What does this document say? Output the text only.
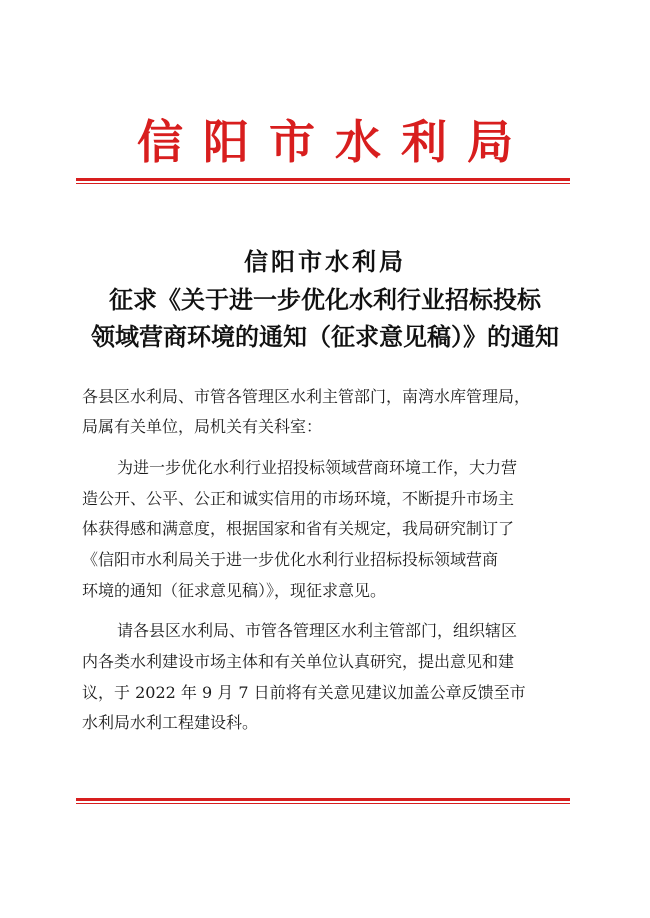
信阳市水利局
信阳市水利局
征求《关于进一步优化水利行业招标投标
领域营商环境的通知（征求意见稿）》的通知
各县区水利局、市管各管理区水利主管部门，南湾水库管理局，
局属有关单位，局机关有关科室：
为进一步优化水利行业招投标领域营商环境工作，大力营
造公开、公平、公正和诚实信用的市场环境，不断提升市场主
体获得感和满意度，根据国家和省有关规定，我局研究制订了
《信阳市水利局关于进一步优化水利行业招标投标领域营商
环境的通知（征求意见稿）》，现征求意见。
请各县区水利局、市管各管理区水利主管部门，组织辖区
内各类水利建设市场主体和有关单位认真研究，提出意见和建
议，于 2022 年 9 月 7 日前将有关意见建议加盖公章反馈至市
水利局水利工程建设科。
